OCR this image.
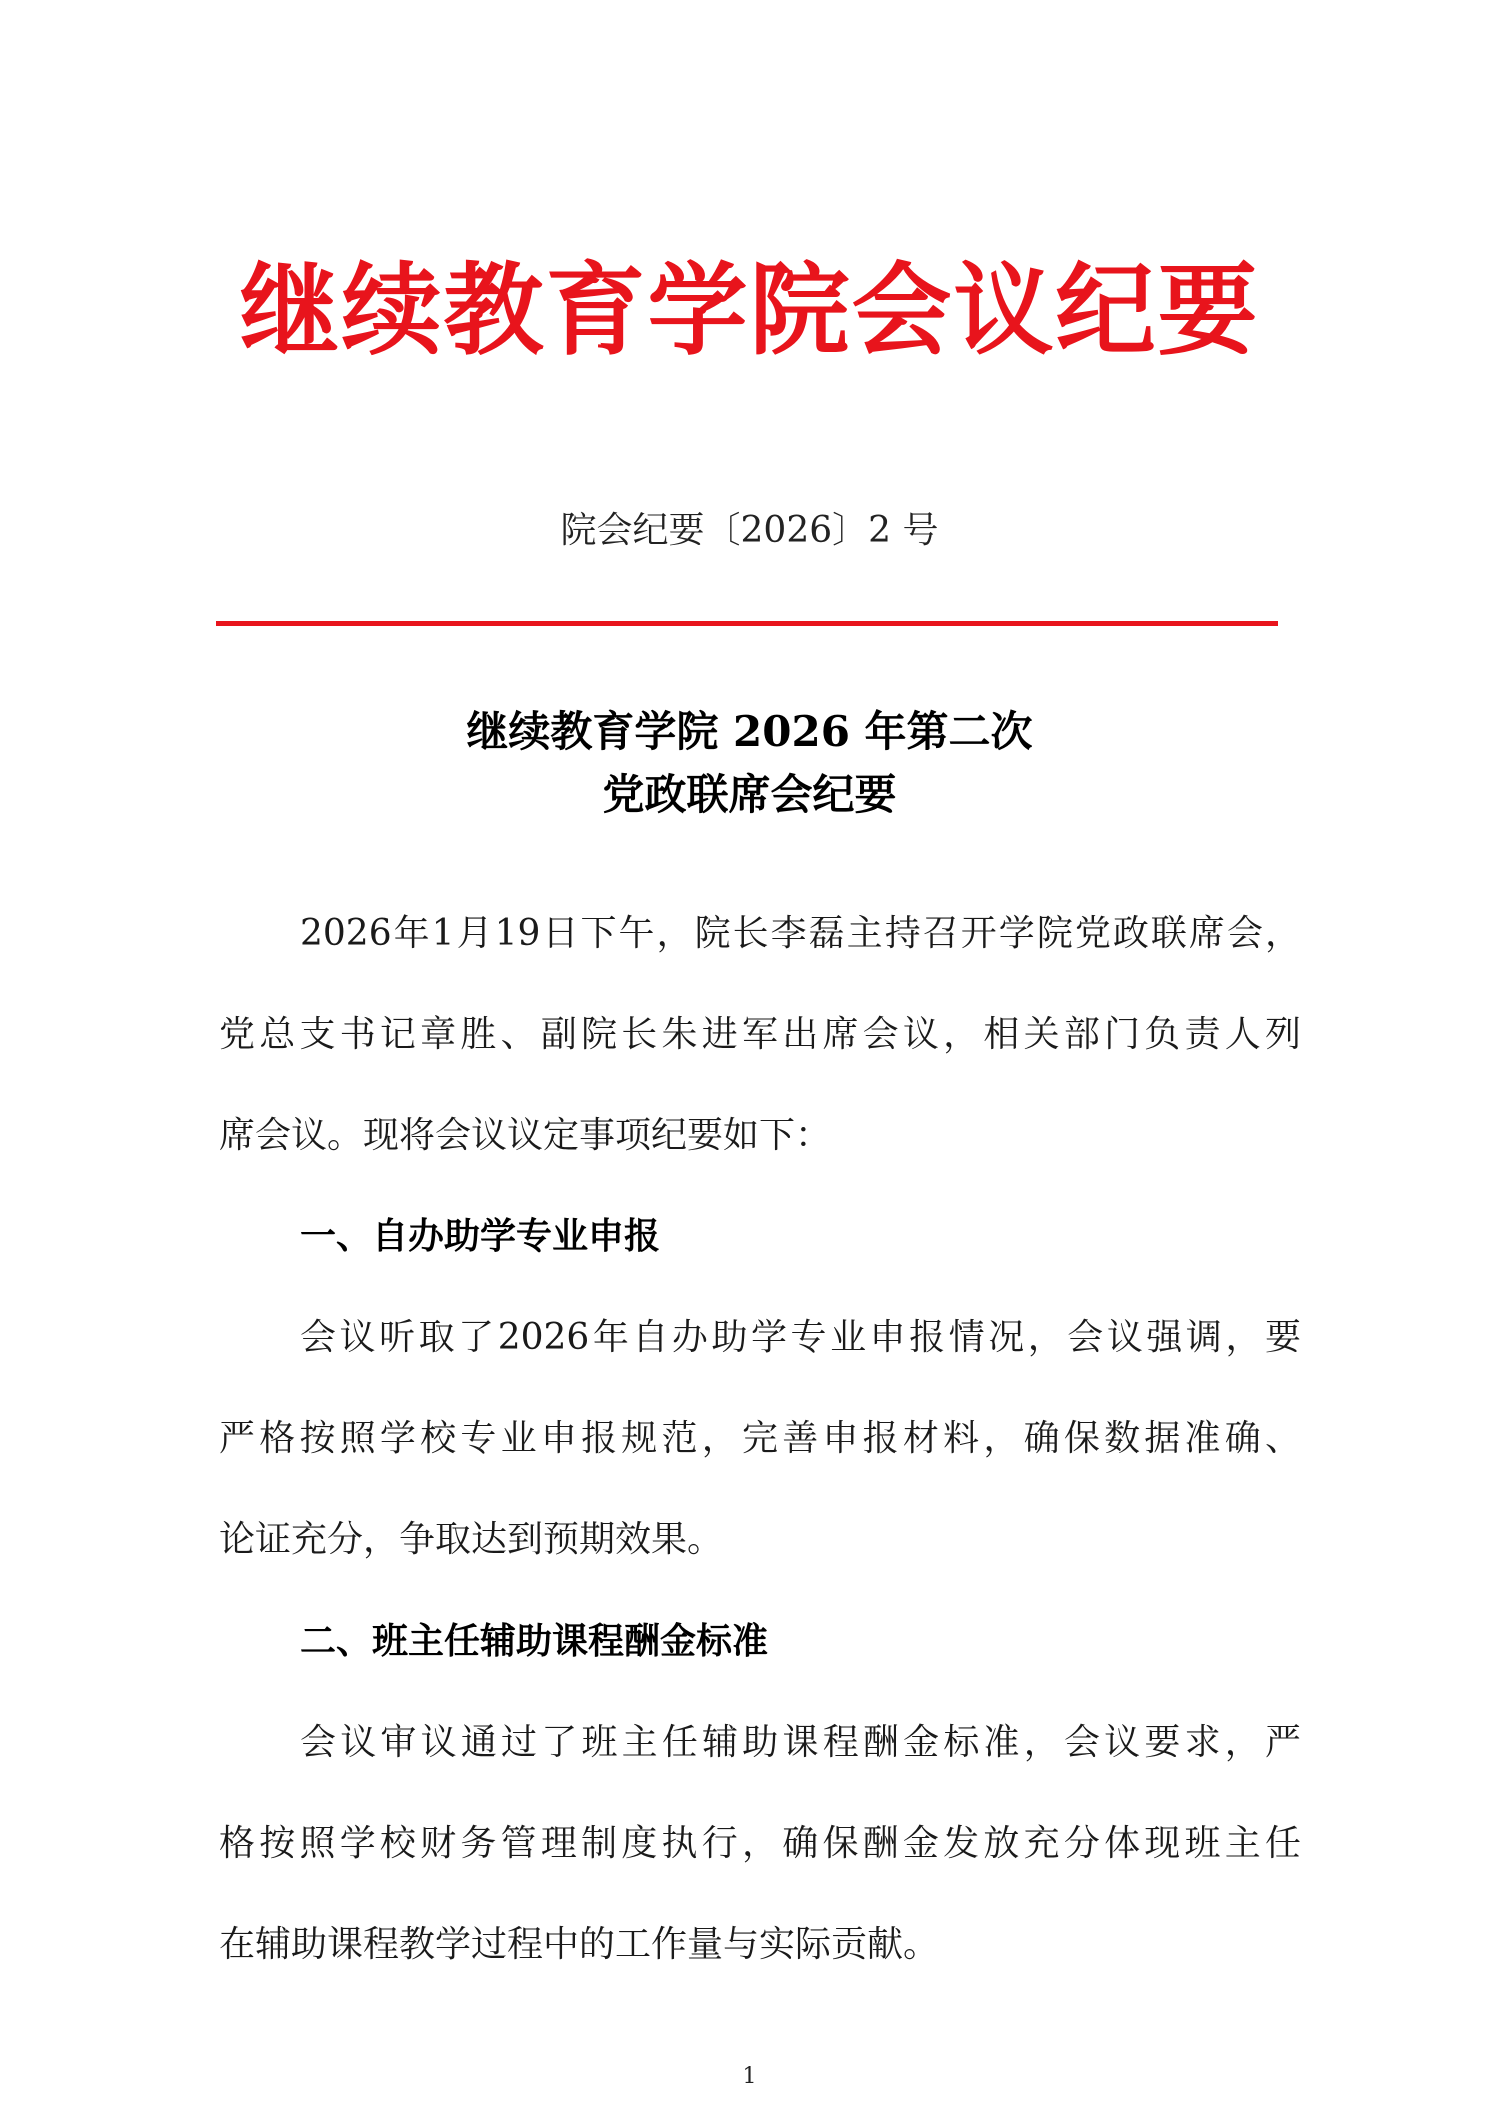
继续教育学院会议纪要
院会纪要〔2026〕2 号
继续教育学院 2026 年第二次
党政联席会纪要
2026年1月19日下午，院长李磊主持召开学院党政联席会，
党总支书记章胜、副院长朱进军出席会议，相关部门负责人列
席会议。现将会议议定事项纪要如下：
一、自办助学专业申报
会议听取了2026年自办助学专业申报情况，会议强调，要
严格按照学校专业申报规范，完善申报材料，确保数据准确、
论证充分，争取达到预期效果。
二、班主任辅助课程酬金标准
会议审议通过了班主任辅助课程酬金标准，会议要求，严
格按照学校财务管理制度执行，确保酬金发放充分体现班主任
在辅助课程教学过程中的工作量与实际贡献。
1
